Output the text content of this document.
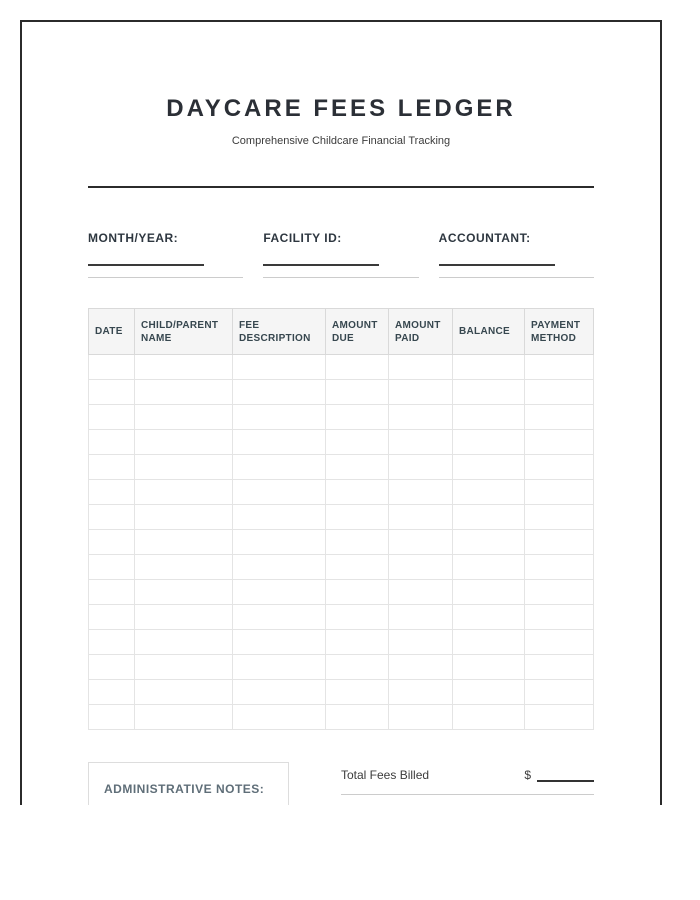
DAYCARE FEES LEDGER
Comprehensive Childcare Financial Tracking
MONTH/YEAR:	FACILITY ID:	ACCOUNTANT:
DATE	CHILD/PARENT NAME	FEE DESCRIPTION	AMOUNT DUE	AMOUNT PAID	BALANCE	PAYMENT METHOD

ADMINISTRATIVE NOTES:
Total Fees Billed	$
